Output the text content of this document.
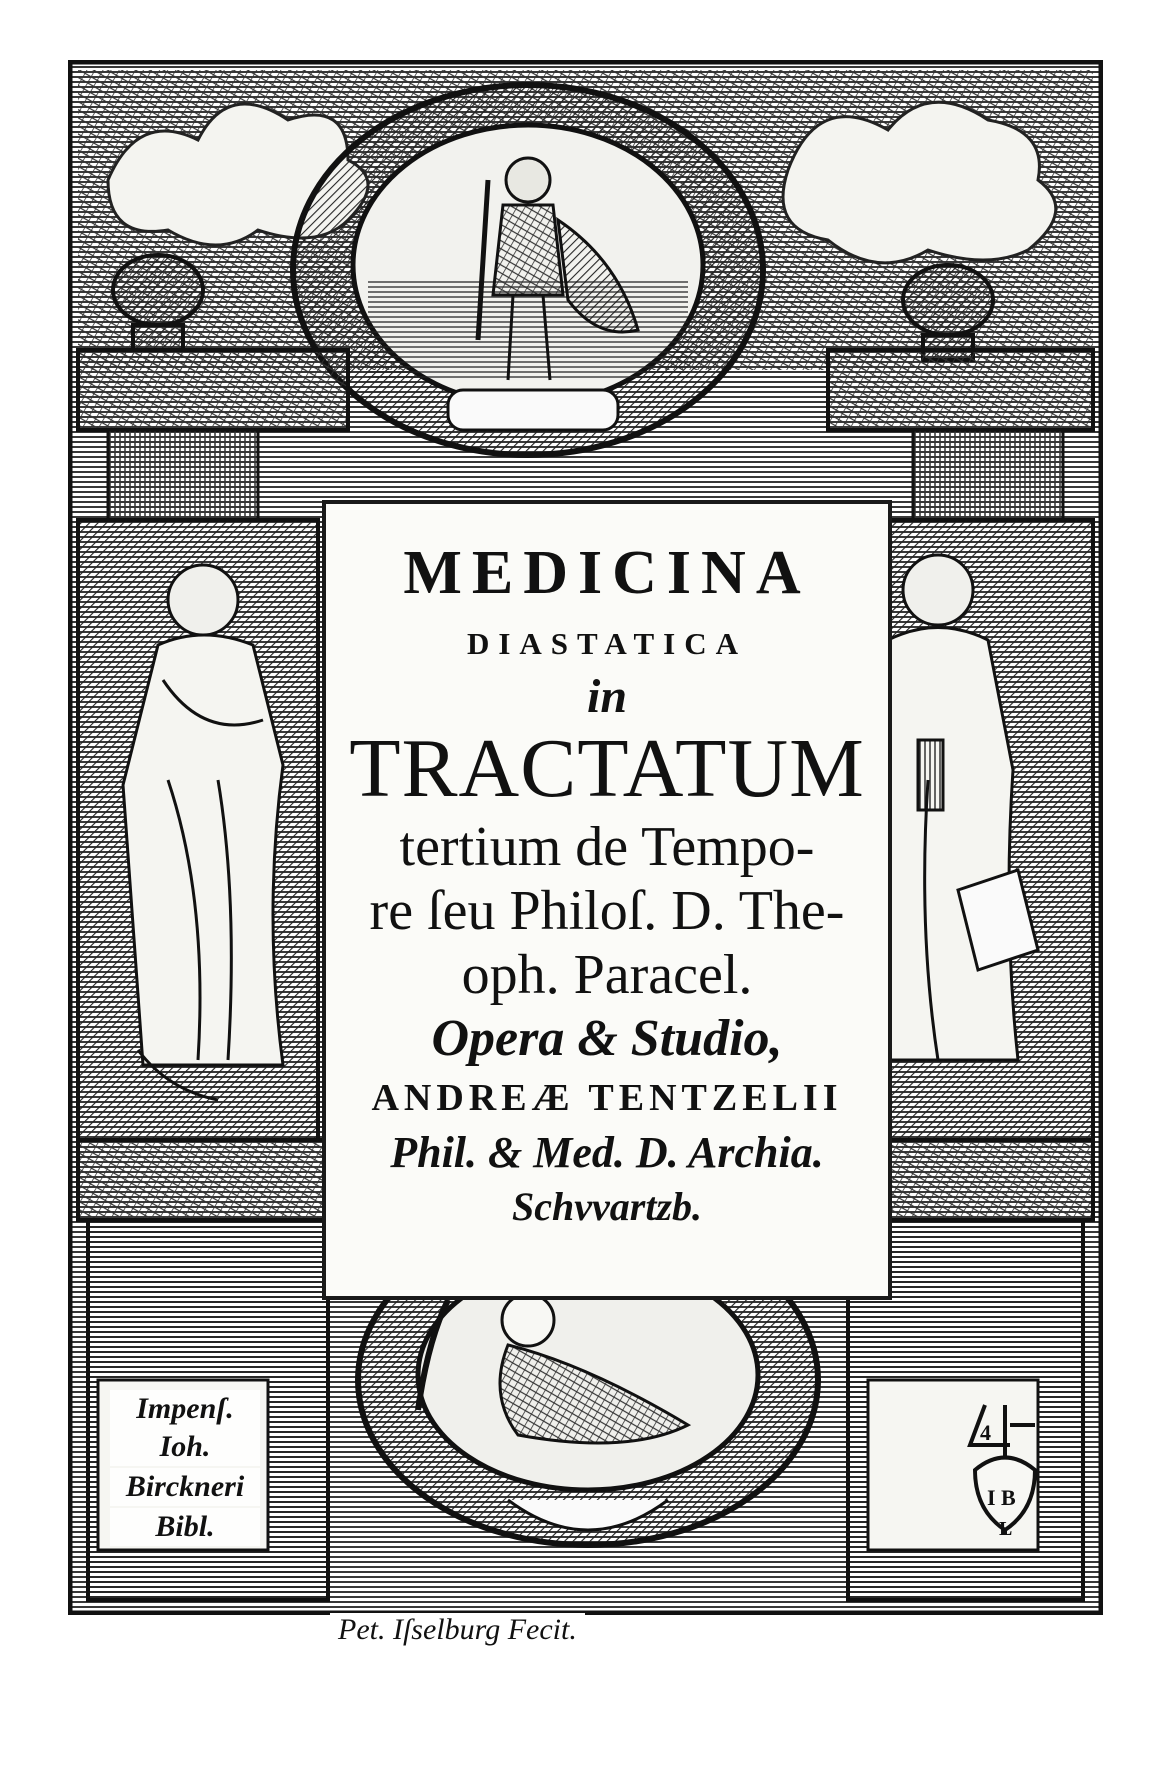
MEDICINA
DIASTATICA
in
TRACTATUM
tertium de Tempo-
re ſeu Philoſ. D. The-
oph. Paracel.
Opera & Studio,
ANDREÆ TENTZELII
Phil. & Med. D. Archia.
Schvvartzb.
Impenſ. Ioh.
Birckneri
Bibl.
I B
L
4
Pet. Iſselburg Fecit.
